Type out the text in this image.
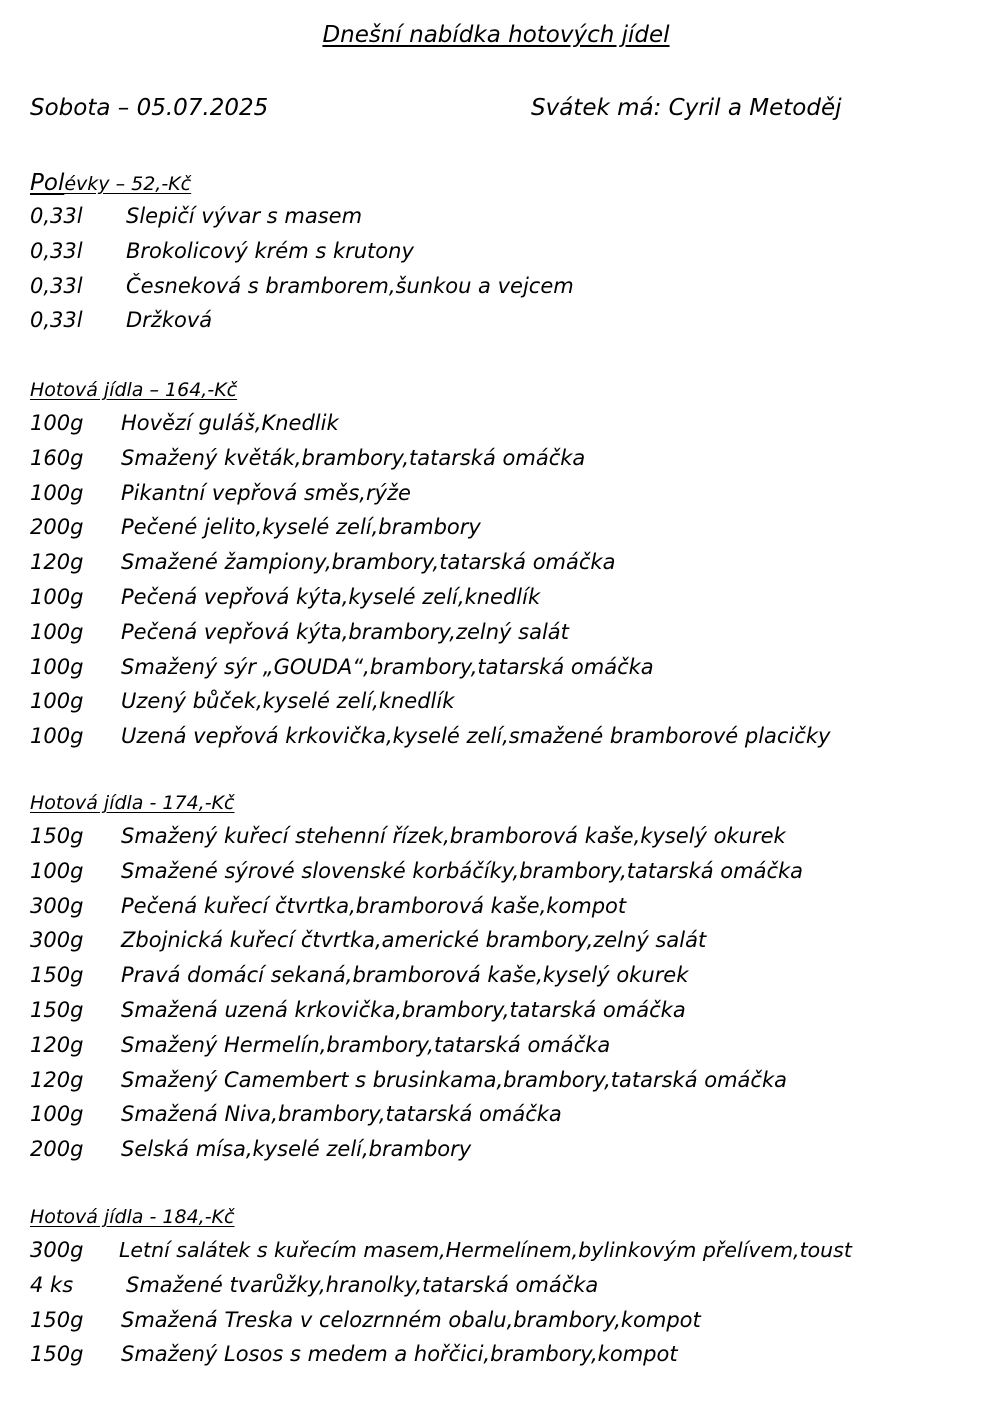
Dnešní nabídka hotových jídel
Sobota – 05.07.2025	Svátek má: Cyril a Metoděj
Polévky – 52,-Kč
0,33l Slepičí vývar s masem
0,33l Brokolicový krém s krutony
0,33l Česneková s bramborem,šunkou a vejcem
0,33l Držková
Hotová jídla – 164,-Kč
100g Hovězí guláš,Knedlik
160g Smažený květák,brambory,tatarská omáčka
100g Pikantní vepřová směs,rýže
200g Pečené jelito,kyselé zelí,brambory
120g Smažené žampiony,brambory,tatarská omáčka
100g Pečená vepřová kýta,kyselé zelí,knedlík
100g Pečená vepřová kýta,brambory,zelný salát
100g Smažený sýr „GOUDA“,brambory,tatarská omáčka
100g Uzený bůček,kyselé zelí,knedlík
100g Uzená vepřová krkovička,kyselé zelí,smažené bramborové placičky
Hotová jídla - 174,-Kč
150g Smažený kuřecí stehenní řízek,bramborová kaše,kyselý okurek
100g Smažené sýrové slovenské korbáčíky,brambory,tatarská omáčka
300g Pečená kuřecí čtvrtka,bramborová kaše,kompot
300g Zbojnická kuřecí čtvrtka,americké brambory,zelný salát
150g Pravá domácí sekaná,bramborová kaše,kyselý okurek
150g Smažená uzená krkovička,brambory,tatarská omáčka
120g Smažený Hermelín,brambory,tatarská omáčka
120g Smažený Camembert s brusinkama,brambory,tatarská omáčka
100g Smažená Niva,brambory,tatarská omáčka
200g Selská mísa,kyselé zelí,brambory
Hotová jídla - 184,-Kč
300g Letní salátek s kuřecím masem,Hermelínem,bylinkovým přelívem,toust
4 ks	Smažené tvarůžky,hranolky,tatarská omáčka
150g Smažená Treska v celozrnném obalu,brambory,kompot
150g Smažený Losos s medem a hořčici,brambory,kompot
